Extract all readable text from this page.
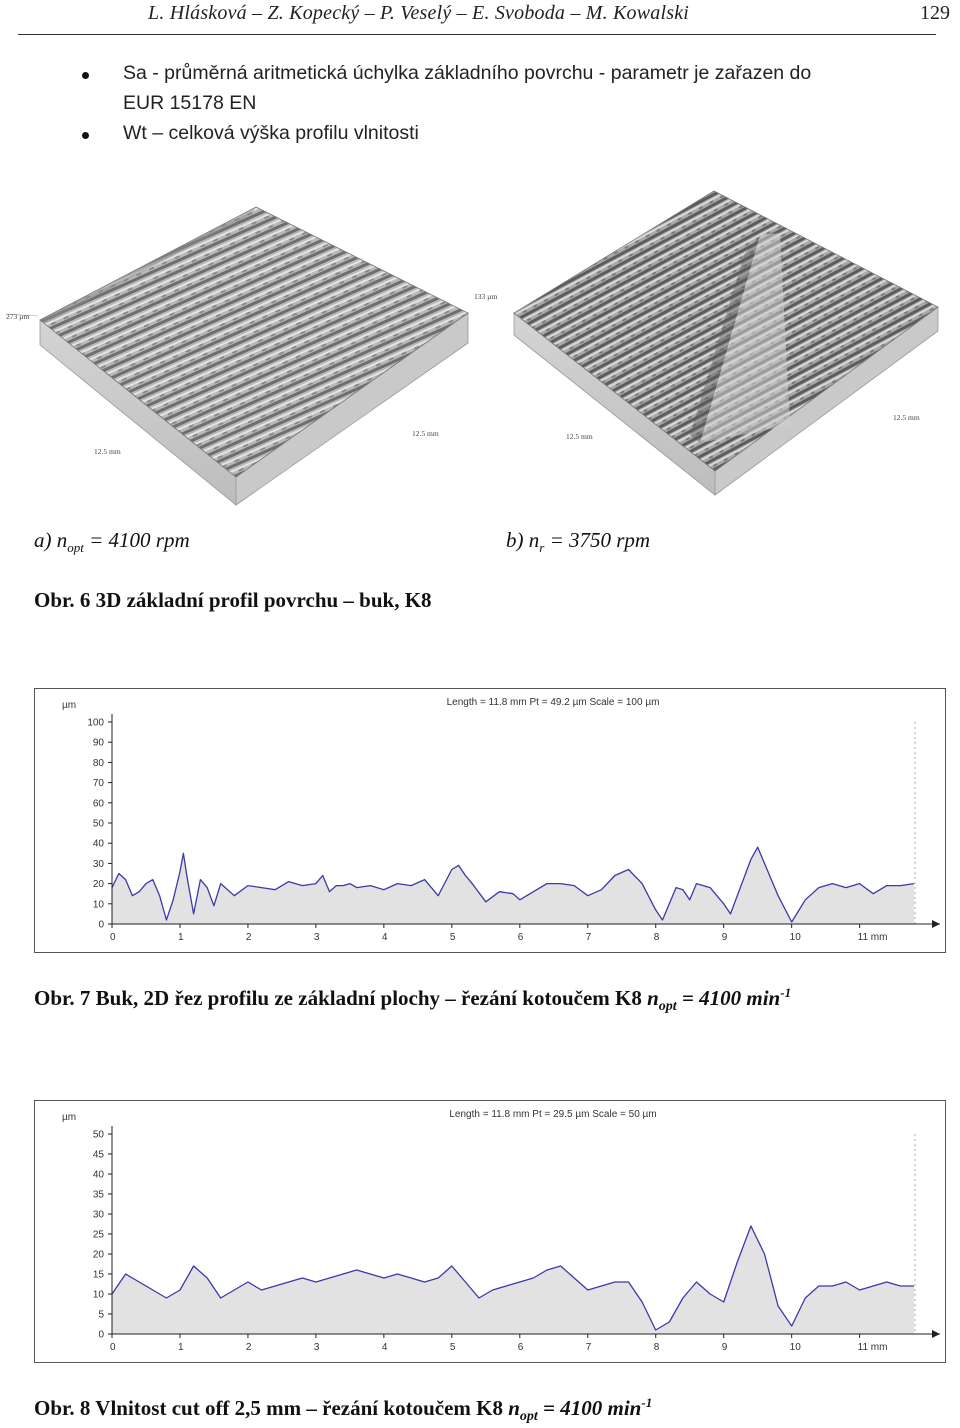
L. Hlásková – Z. Kopecký – P. Veselý – E. Svoboda – M. Kowalski	129
Sa - průměrná aritmetická úchylka základního povrchu - parametr je zařazen do
EUR 15178 EN
Wt – celková výška profilu vlnitosti
273 µm
12.5 mm
12.5 mm
133 µm
12.5 mm
12.5 mm
a) $n_{opt} = 4100$ rpm	b) $n_r = 3750$ rpm
Obr. 6 3D základní profil povrchu – buk, K8
Length = 11.8 mm Pt = 49.2 µm Scale = 100 µm
µm
0
10
20
30
40
50
60
70
80
90
100
0	1	2	3	4	5	6	7	8	9	10	11 mm
Obr. 7 Buk, 2D řez profilu ze základní plochy – řezání kotoučem K8 $n_{opt} = 4100$ $\min^{-1}$
Length = 11.8 mm Pt = 29.5 µm Scale = 50 µm
µm
0
5
10
15
20
25
30
35
40
45
50
0	1	2	3	4	5	6	7	8	9	10	11 mm
Obr. 8 Vlnitost cut off 2,5 mm – řezání kotoučem K8 $n_{opt} = 4100$ $\min^{-1}$
